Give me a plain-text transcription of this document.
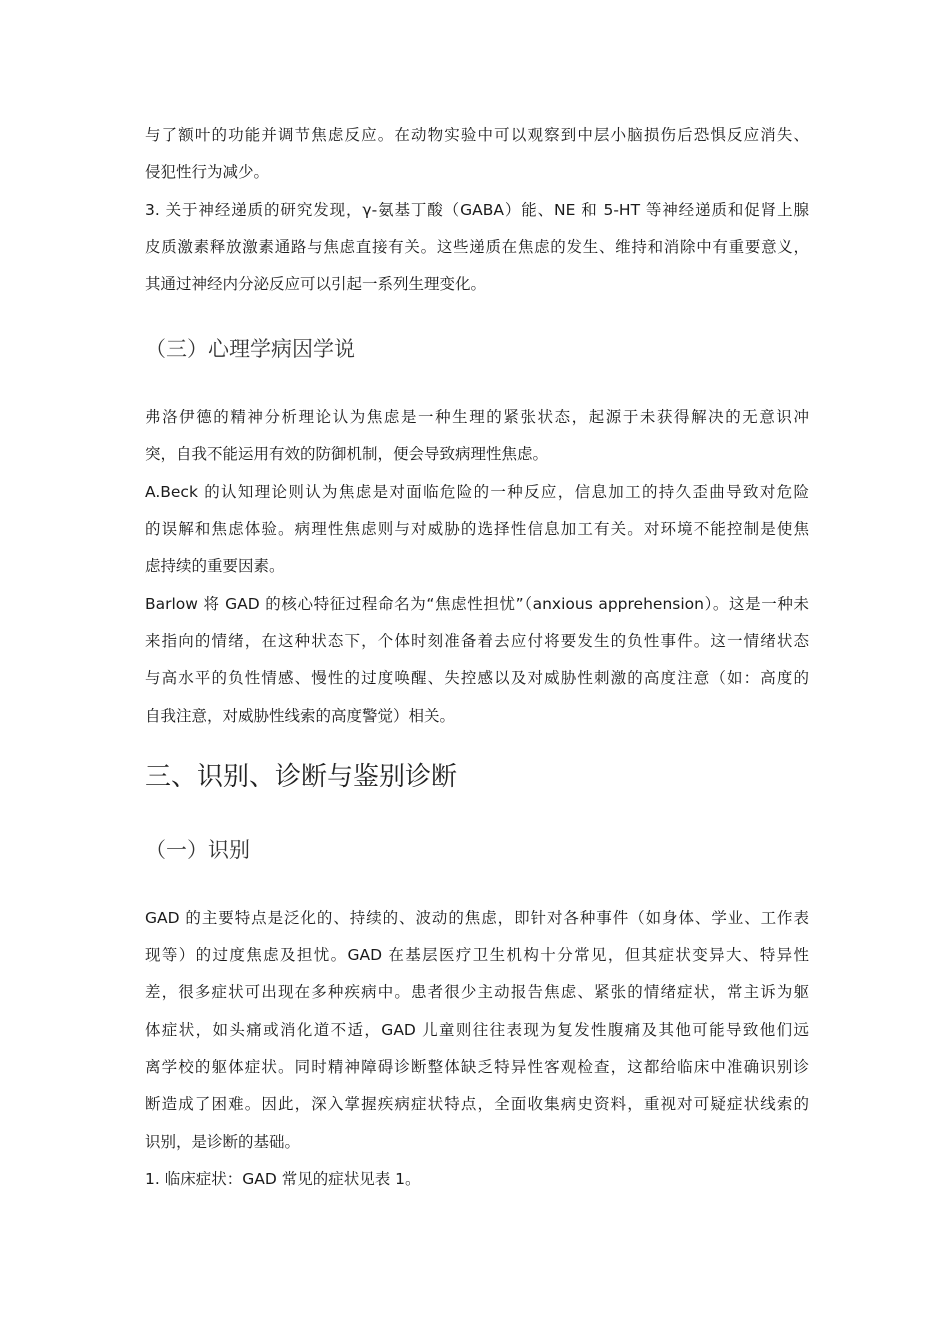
与了额叶的功能并调节焦虑反应。在动物实验中可以观察到中层小脑损伤后恐惧反应消失、
侵犯性行为减少。
3. 关于神经递质的研究发现，γ-氨基丁酸（GABA）能、NE 和 5-HT 等神经递质和促肾上腺
皮质激素释放激素通路与焦虑直接有关。这些递质在焦虑的发生、维持和消除中有重要意义，
其通过神经内分泌反应可以引起一系列生理变化。
（三）心理学病因学说
弗洛伊德的精神分析理论认为焦虑是一种生理的紧张状态，起源于未获得解决的无意识冲
突，自我不能运用有效的防御机制，便会导致病理性焦虑。
A.Beck 的认知理论则认为焦虑是对面临危险的一种反应，信息加工的持久歪曲导致对危险
的误解和焦虑体验。病理性焦虑则与对威胁的选择性信息加工有关。对环境不能控制是使焦
虑持续的重要因素。
Barlow 将 GAD 的核心特征过程命名为“焦虑性担忧”（anxious apprehension）。这是一种未
来指向的情绪，在这种状态下，个体时刻准备着去应付将要发生的负性事件。这一情绪状态
与高水平的负性情感、慢性的过度唤醒、失控感以及对威胁性刺激的高度注意（如：高度的
自我注意，对威胁性线索的高度警觉）相关。
三、识别、诊断与鉴别诊断
（一）识别
GAD 的主要特点是泛化的、持续的、波动的焦虑，即针对各种事件（如身体、学业、工作表
现等）的过度焦虑及担忧。GAD 在基层医疗卫生机构十分常见，但其症状变异大、特异性
差，很多症状可出现在多种疾病中。患者很少主动报告焦虑、紧张的情绪症状，常主诉为躯
体症状，如头痛或消化道不适，GAD 儿童则往往表现为复发性腹痛及其他可能导致他们远
离学校的躯体症状。同时精神障碍诊断整体缺乏特异性客观检查，这都给临床中准确识别诊
断造成了困难。因此，深入掌握疾病症状特点，全面收集病史资料，重视对可疑症状线索的
识别，是诊断的基础。
1. 临床症状：GAD 常见的症状见表 1。
